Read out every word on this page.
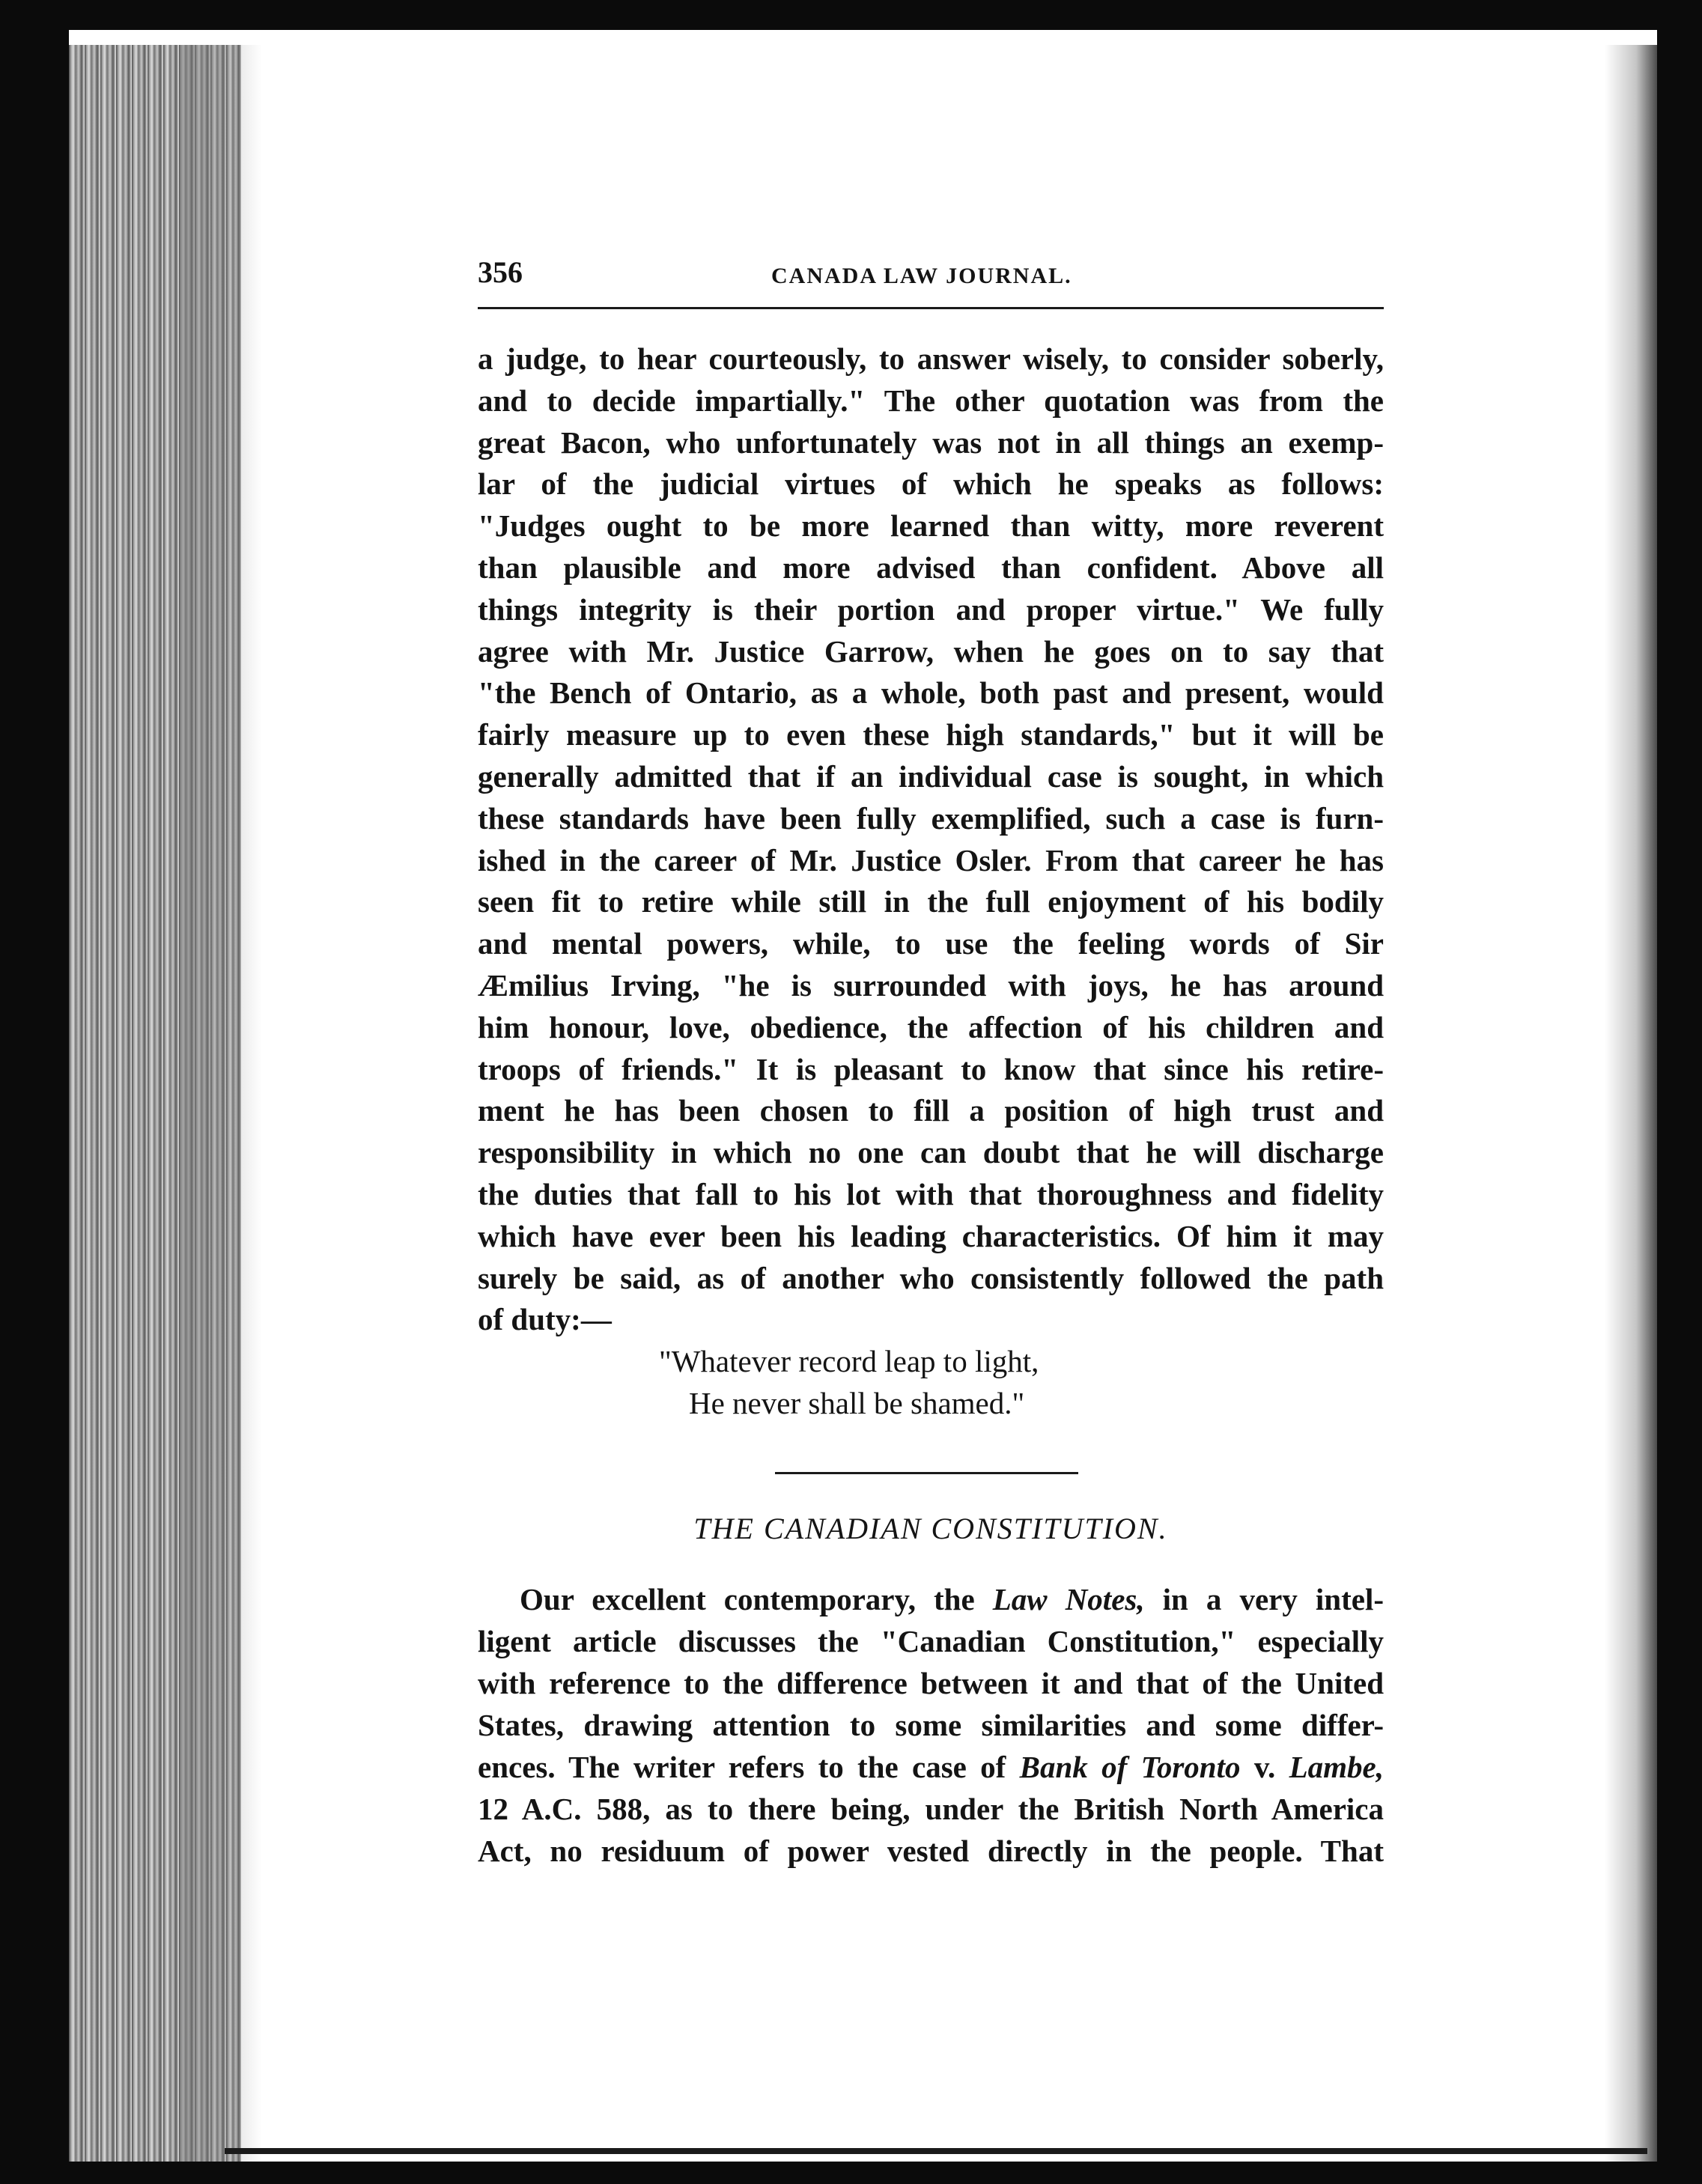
356	CANADA LAW JOURNAL.
a judge, to hear courteously, to answer wisely, to consider soberly,
and to decide impartially." The other quotation was from the
great Bacon, who unfortunately was not in all things an exemp-
lar of the judicial virtues of which he speaks as follows:
"Judges ought to be more learned than witty, more reverent
than plausible and more advised than confident. Above all
things integrity is their portion and proper virtue." We fully
agree with Mr. Justice Garrow, when he goes on to say that
"the Bench of Ontario, as a whole, both past and present, would
fairly measure up to even these high standards," but it will be
generally admitted that if an individual case is sought, in which
these standards have been fully exemplified, such a case is furn-
ished in the career of Mr. Justice Osler. From that career he has
seen fit to retire while still in the full enjoyment of his bodily
and mental powers, while, to use the feeling words of Sir
Æmilius Irving, "he is surrounded with joys, he has around
him honour, love, obedience, the affection of his children and
troops of friends." It is pleasant to know that since his retire-
ment he has been chosen to fill a position of high trust and
responsibility in which no one can doubt that he will discharge
the duties that fall to his lot with that thoroughness and fidelity
which have ever been his leading characteristics. Of him it may
surely be said, as of another who consistently followed the path
of duty:—
"Whatever record leap to light,
He never shall be shamed."
THE CANADIAN CONSTITUTION.
Our excellent contemporary, the Law Notes, in a very intel-
ligent article discusses the "Canadian Constitution," especially
with reference to the difference between it and that of the United
States, drawing attention to some similarities and some differ-
ences. The writer refers to the case of Bank of Toronto v. Lambe,
12 A.C. 588, as to there being, under the British North America
Act, no residuum of power vested directly in the people. That
